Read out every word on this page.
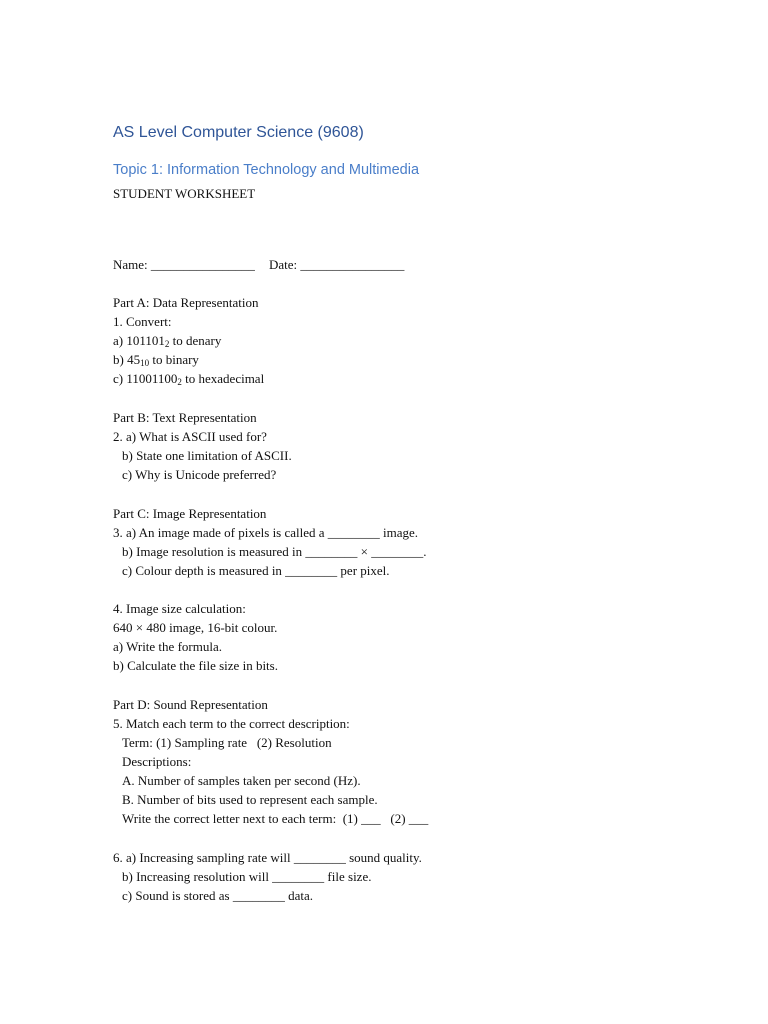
AS Level Computer Science (9608)
Topic 1: Information Technology and Multimedia
STUDENT WORKSHEET
Name: ________________ Date: ________________
Part A: Data Representation
1. Convert:
a) $101101_2$ to denary
b) $45_{10}$ to binary
c) $11001100_2$ to hexadecimal
Part B: Text Representation
2. a) What is ASCII used for?
b) State one limitation of ASCII.
c) Why is Unicode preferred?
Part C: Image Representation
3. a) An image made of pixels is called a ________ image.
b) Image resolution is measured in ________ × ________.
c) Colour depth is measured in ________ per pixel.
4. Image size calculation:
640 × 480 image, 16-bit colour.
a) Write the formula.
b) Calculate the file size in bits.
Part D: Sound Representation
5. Match each term to the correct description:
Term: (1) Sampling rate   (2) Resolution
Descriptions:
A. Number of samples taken per second (Hz).
B. Number of bits used to represent each sample.
Write the correct letter next to each term:  (1) ___   (2) ___
6. a) Increasing sampling rate will ________ sound quality.
b) Increasing resolution will ________ file size.
c) Sound is stored as ________ data.
